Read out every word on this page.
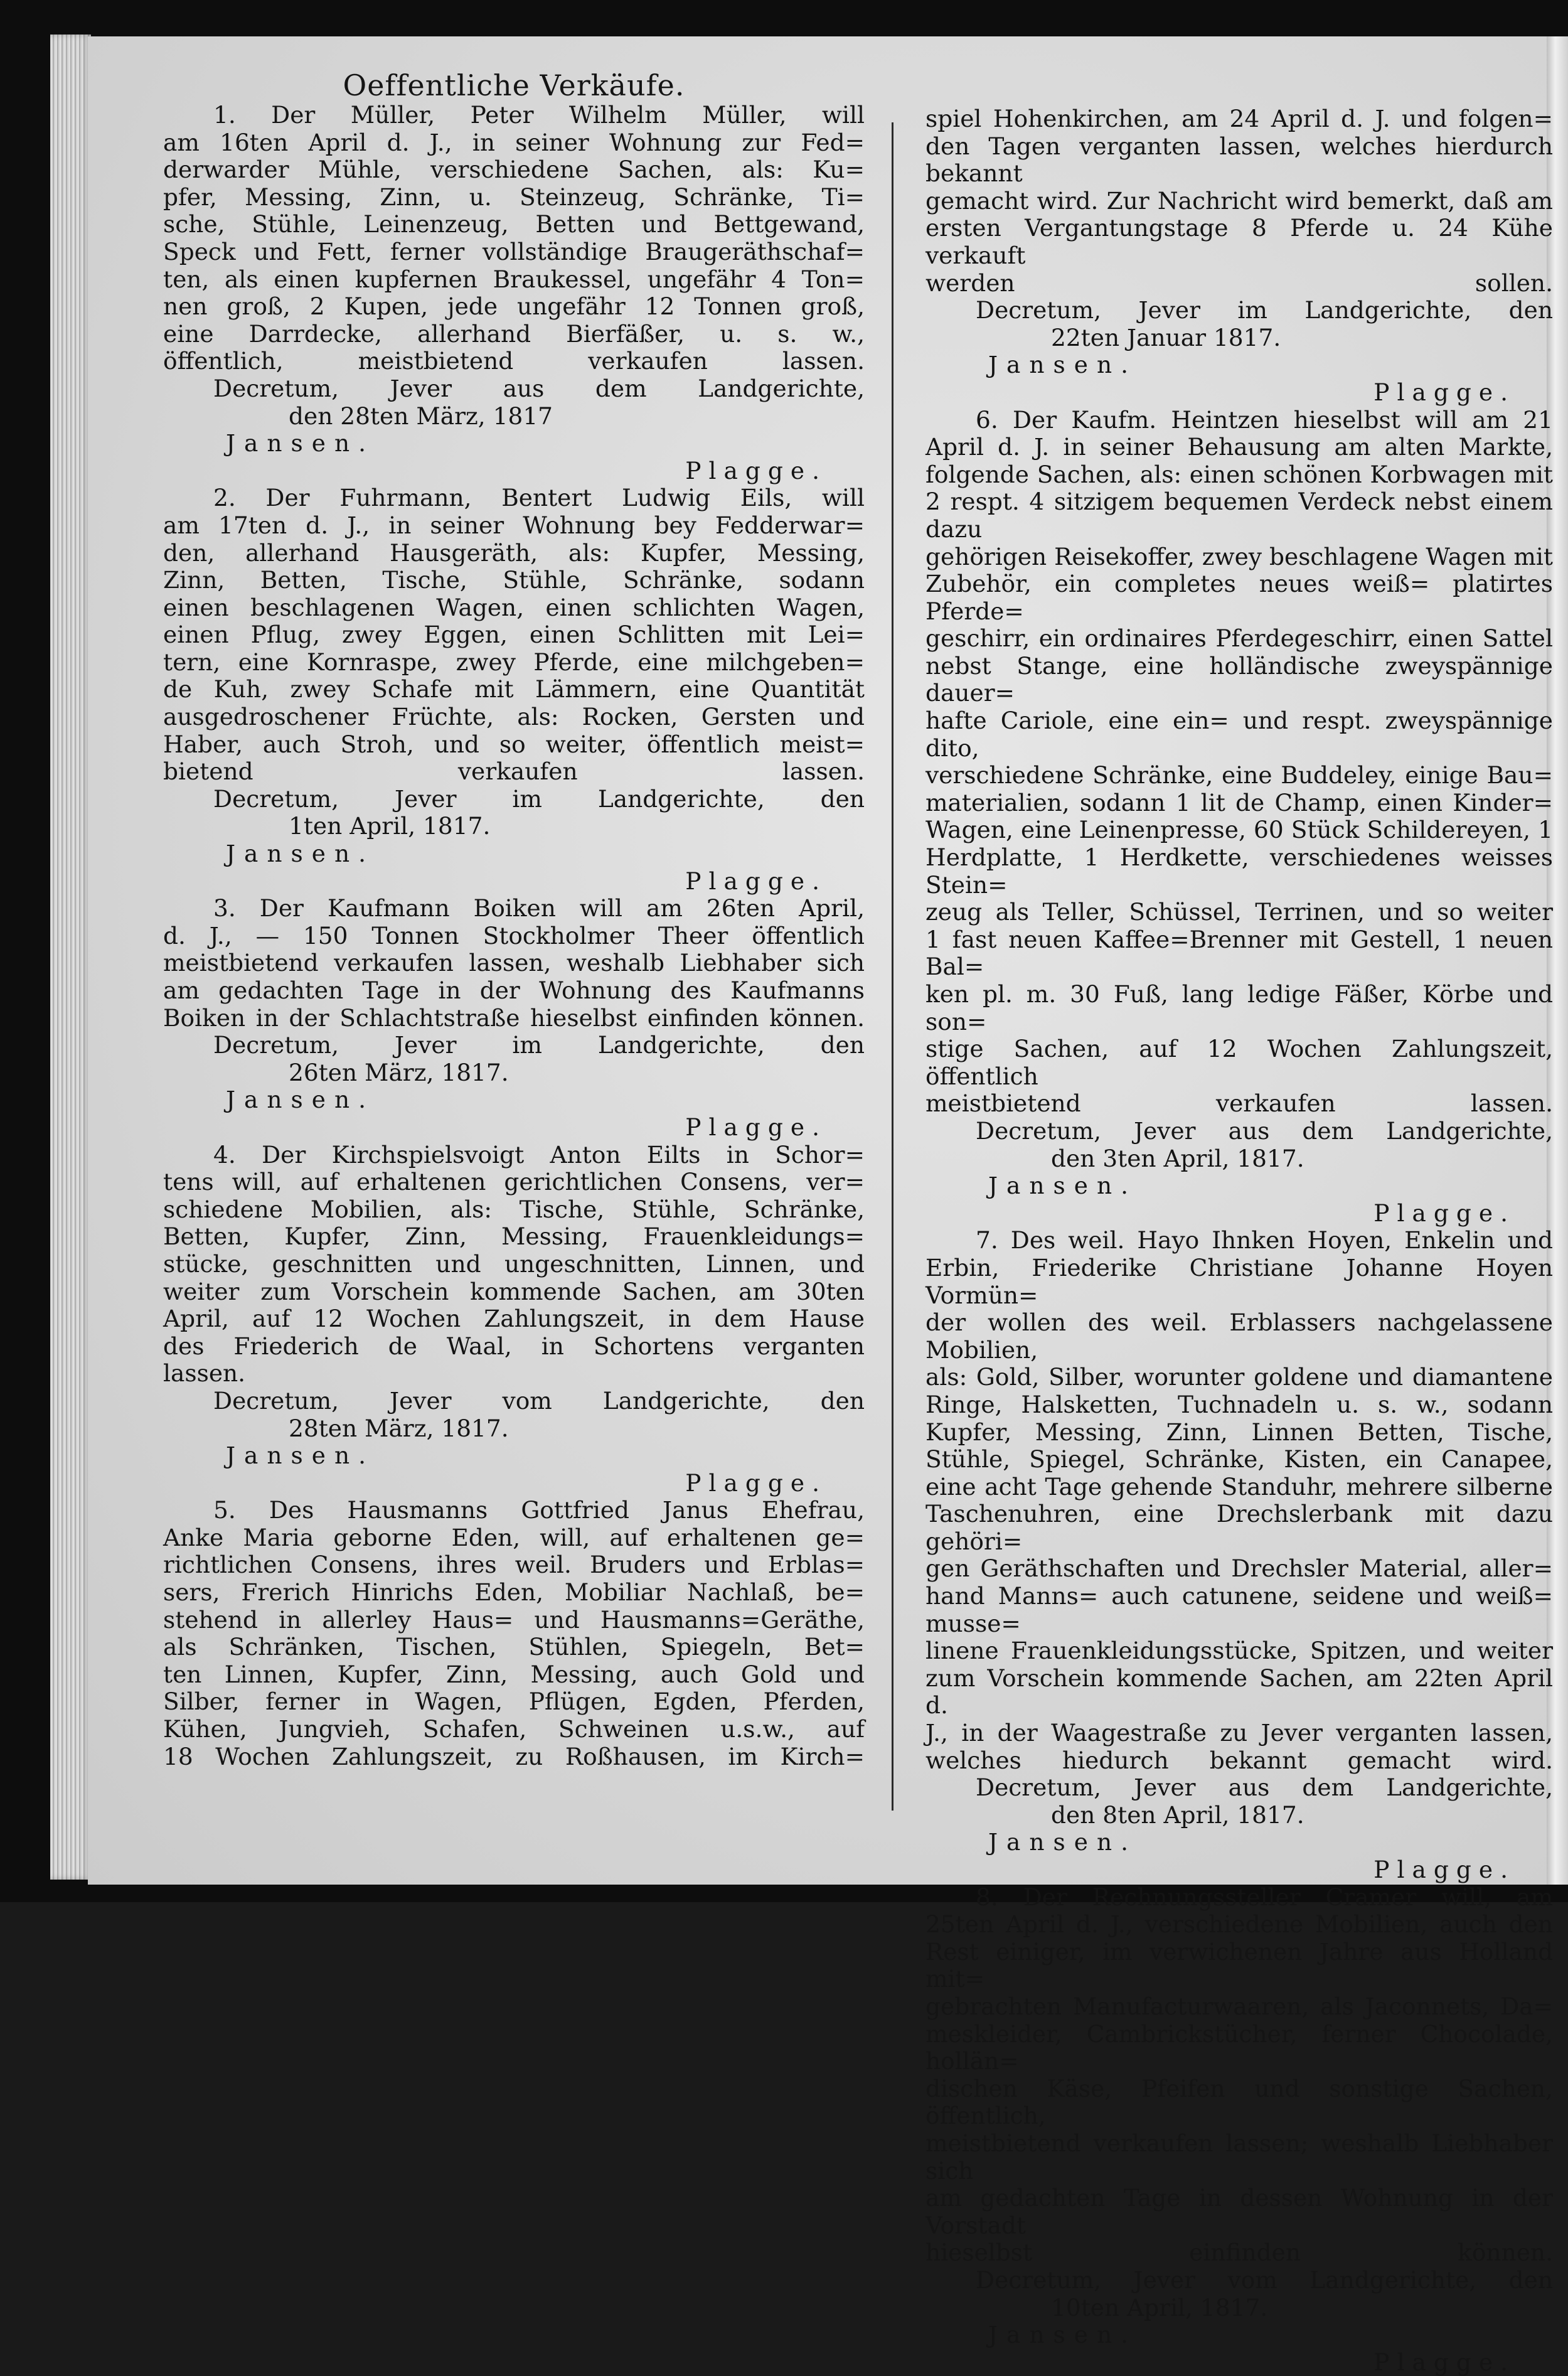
Oeffentliche Verkäufe.
1. Der Müller, Peter Wilhelm Müller, will
am 16ten April d. J., in seiner Wohnung zur Fed=
derwarder Mühle, verschiedene Sachen, als: Ku=
pfer, Messing, Zinn, u. Steinzeug, Schränke, Ti=
sche, Stühle, Leinenzeug, Betten und Bettgewand,
Speck und Fett, ferner vollständige Braugeräthschaf=
ten, als einen kupfernen Braukessel, ungefähr 4 Ton=
nen groß, 2 Kupen, jede ungefähr 12 Tonnen groß,
eine Darrdecke, allerhand Bierfäßer, u. s. w.,
öffentlich, meistbietend verkaufen lassen.
Decretum, Jever aus dem Landgerichte,
den 28ten März, 1817
Jansen.
Plagge.
2. Der Fuhrmann, Bentert Ludwig Eils, will
am 17ten d. J., in seiner Wohnung bey Fedderwar=
den, allerhand Hausgeräth, als: Kupfer, Messing,
Zinn, Betten, Tische, Stühle, Schränke, sodann
einen beschlagenen Wagen, einen schlichten Wagen,
einen Pflug, zwey Eggen, einen Schlitten mit Lei=
tern, eine Kornraspe, zwey Pferde, eine milchgeben=
de Kuh, zwey Schafe mit Lämmern, eine Quantität
ausgedroschener Früchte, als: Rocken, Gersten und
Haber, auch Stroh, und so weiter, öffentlich meist=
bietend verkaufen lassen.
Decretum, Jever im Landgerichte, den
1ten April, 1817.
Jansen.
Plagge.
3. Der Kaufmann Boiken will am 26ten April,
d. J., — 150 Tonnen Stockholmer Theer öffentlich
meistbietend verkaufen lassen, weshalb Liebhaber sich
am gedachten Tage in der Wohnung des Kaufmanns
Boiken in der Schlachtstraße hieselbst einfinden können.
Decretum, Jever im Landgerichte, den
26ten März, 1817.
Jansen.
Plagge.
4. Der Kirchspielsvoigt Anton Eilts in Schor=
tens will, auf erhaltenen gerichtlichen Consens, ver=
schiedene Mobilien, als: Tische, Stühle, Schränke,
Betten, Kupfer, Zinn, Messing, Frauenkleidungs=
stücke, geschnitten und ungeschnitten, Linnen, und
weiter zum Vorschein kommende Sachen, am 30ten
April, auf 12 Wochen Zahlungszeit, in dem Hause
des Friederich de Waal, in Schortens verganten
lassen.
Decretum, Jever vom Landgerichte, den
28ten März, 1817.
Jansen.
Plagge.
5. Des Hausmanns Gottfried Janus Ehefrau,
Anke Maria geborne Eden, will, auf erhaltenen ge=
richtlichen Consens, ihres weil. Bruders und Erblas=
sers, Frerich Hinrichs Eden, Mobiliar Nachlaß, be=
stehend in allerley Haus= und Hausmanns=Geräthe,
als Schränken, Tischen, Stühlen, Spiegeln, Bet=
ten Linnen, Kupfer, Zinn, Messing, auch Gold und
Silber, ferner in Wagen, Pflügen, Egden, Pferden,
Kühen, Jungvieh, Schafen, Schweinen u.s.w., auf
18 Wochen Zahlungszeit, zu Roßhausen, im Kirch=
spiel Hohenkirchen, am 24 April d. J. und folgen=
den Tagen verganten lassen, welches hierdurch bekannt
gemacht wird. Zur Nachricht wird bemerkt, daß am
ersten Vergantungstage 8 Pferde u. 24 Kühe verkauft
werden sollen.
Decretum, Jever im Landgerichte, den
22ten Januar 1817.
Jansen.
Plagge.
6. Der Kaufm. Heintzen hieselbst will am 21
April d. J. in seiner Behausung am alten Markte,
folgende Sachen, als: einen schönen Korbwagen mit
2 respt. 4 sitzigem bequemen Verdeck nebst einem dazu
gehörigen Reisekoffer, zwey beschlagene Wagen mit
Zubehör, ein completes neues weiß= platirtes Pferde=
geschirr, ein ordinaires Pferdegeschirr, einen Sattel
nebst Stange, eine holländische zweyspännige dauer=
hafte Cariole, eine ein= und respt. zweyspännige dito,
verschiedene Schränke, eine Buddeley, einige Bau=
materialien, sodann 1 lit de Champ, einen Kinder=
Wagen, eine Leinenpresse, 60 Stück Schildereyen, 1
Herdplatte, 1 Herdkette, verschiedenes weisses Stein=
zeug als Teller, Schüssel, Terrinen, und so weiter
1 fast neuen Kaffee=Brenner mit Gestell, 1 neuen Bal=
ken pl. m. 30 Fuß, lang ledige Fäßer, Körbe und son=
stige Sachen, auf 12 Wochen Zahlungszeit, öffentlich
meistbietend verkaufen lassen.
Decretum, Jever aus dem Landgerichte,
den 3ten April, 1817.
Jansen.
Plagge.
7. Des weil. Hayo Ihnken Hoyen, Enkelin und
Erbin, Friederike Christiane Johanne Hoyen Vormün=
der wollen des weil. Erblassers nachgelassene Mobilien,
als: Gold, Silber, worunter goldene und diamantene
Ringe, Halsketten, Tuchnadeln u. s. w., sodann
Kupfer, Messing, Zinn, Linnen Betten, Tische,
Stühle, Spiegel, Schränke, Kisten, ein Canapee,
eine acht Tage gehende Standuhr, mehrere silberne
Taschenuhren, eine Drechslerbank mit dazu gehöri=
gen Geräthschaften und Drechsler Material, aller=
hand Manns= auch catunene, seidene und weiß= musse=
linene Frauenkleidungsstücke, Spitzen, und weiter
zum Vorschein kommende Sachen, am 22ten April d.
J., in der Waagestraße zu Jever verganten lassen,
welches hiedurch bekannt gemacht wird.
Decretum, Jever aus dem Landgerichte,
den 8ten April, 1817.
Jansen.
Plagge.
8. Der Rechnungssteller Cramer will, am
25ten April d. J., verschiedene Mobilien, auch den
Rest einiger, im verwichenen Jahre aus Holland mit=
gebrachten Manufacturwaaren, als Jaconnets, Da=
meskleider, Cambrickstücher, ferner Chocolade, hollän=
dischen Käse, Pfeifen und sonstige Sachen, öffentlich,
meistbietend verkaufen lassen; weshalb Liebhaber sich
am gedachten Tage in dessen Wohnung in der Vorstadt
hieselbst einfinden können.
Decretum, Jever vom Landgerichte, den
10ten April, 1817.
Jansen.
Plagge.
